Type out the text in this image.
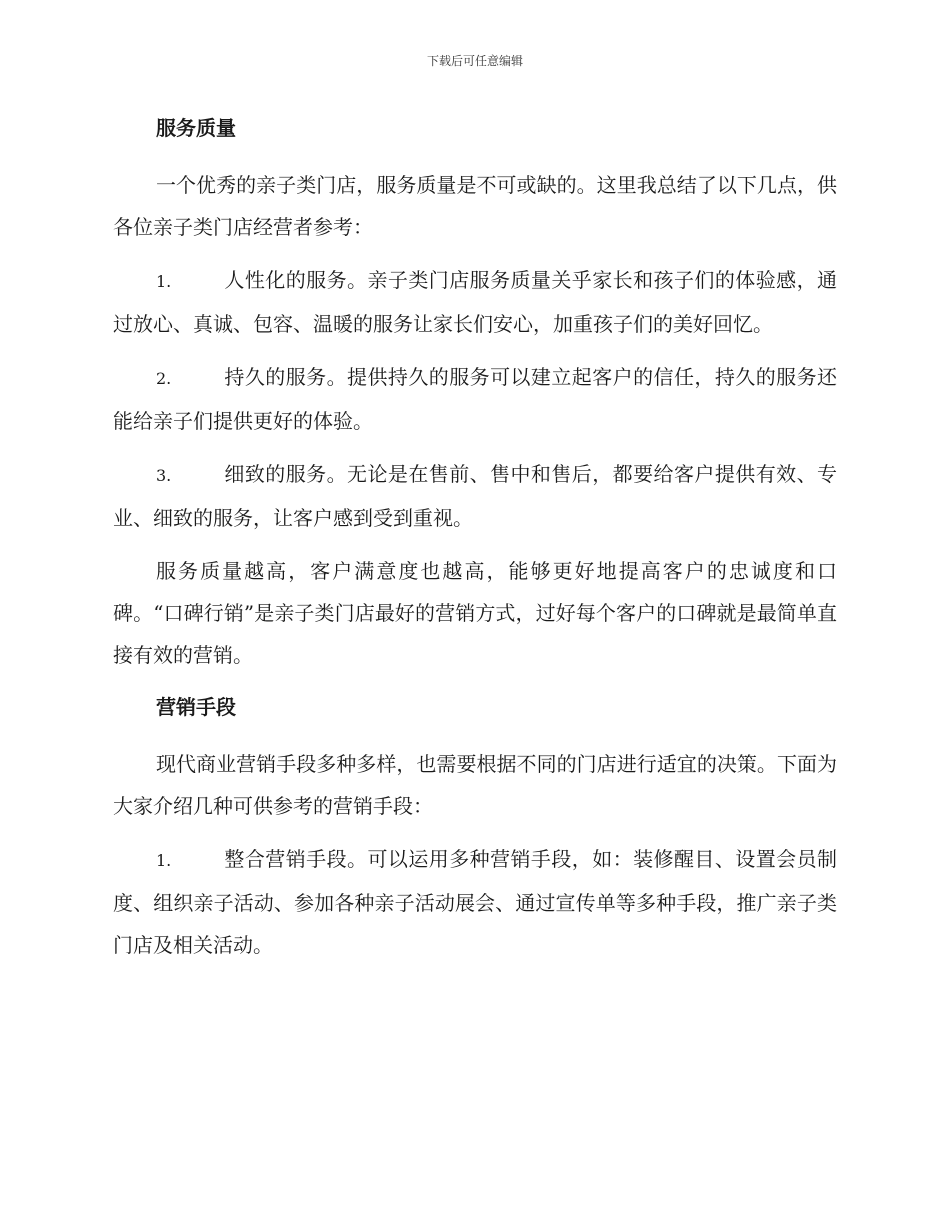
下载后可任意编辑
服务质量

一个优秀的亲子类门店，服务质量是不可或缺的。这里我总结了以下几点，供各位亲子类门店经营者参考：

1.	人性化的服务。亲子类门店服务质量关乎家长和孩子们的体验感，通过放心、真诚、包容、温暖的服务让家长们安心，加重孩子们的美好回忆。

2.	持久的服务。提供持久的服务可以建立起客户的信任，持久的服务还能给亲子们提供更好的体验。

3.	细致的服务。无论是在售前、售中和售后，都要给客户提供有效、专业、细致的服务，让客户感到受到重视。

服务质量越高，客户满意度也越高，能够更好地提高客户的忠诚度和口碑。“口碑行销”是亲子类门店最好的营销方式，过好每个客户的口碑就是最简单直接有效的营销。

营销手段

现代商业营销手段多种多样，也需要根据不同的门店进行适宜的决策。下面为大家介绍几种可供参考的营销手段：

1.	整合营销手段。可以运用多种营销手段，如：装修醒目、设置会员制度、组织亲子活动、参加各种亲子活动展会、通过宣传单等多种手段，推广亲子类门店及相关活动。
